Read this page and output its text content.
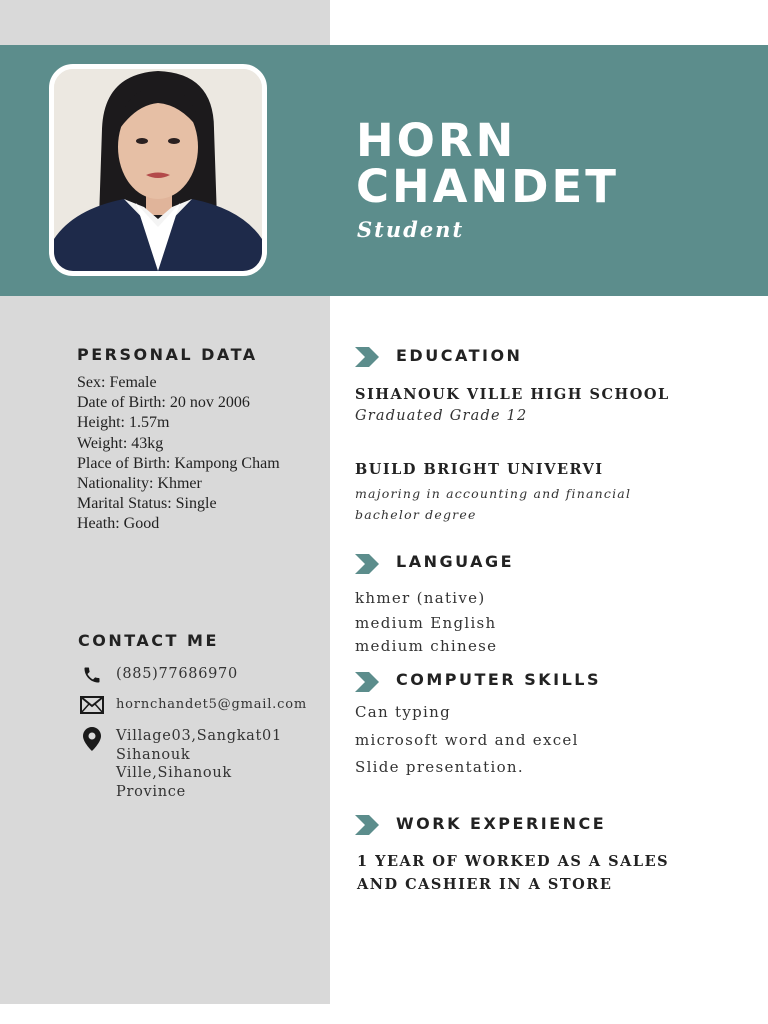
HORN
CHANDET
Student
PERSONAL DATA
Sex: Female
Date of Birth: 20 nov 2006
Height: 1.57m
Weight: 43kg
Place of Birth: Kampong Cham
Nationality: Khmer
Marital Status: Single
Heath: Good
CONTACT ME
(885)77686970
hornchandet5@gmail.com
Village03,Sangkat01 Sihanouk Ville,Sihanouk Province
EDUCATION
SIHANOUK VILLE HIGH SCHOOL
Graduated Grade 12
BUILD BRIGHT UNIVERVI
majoring in accounting and financial bachelor degree
LANGUAGE
khmer (native)
medium English
medium chinese
COMPUTER SKILLS
Can typing
microsoft word and excel
Slide presentation.
WORK EXPERIENCE
1 YEAR OF WORKED AS A SALES AND CASHIER IN A STORE
